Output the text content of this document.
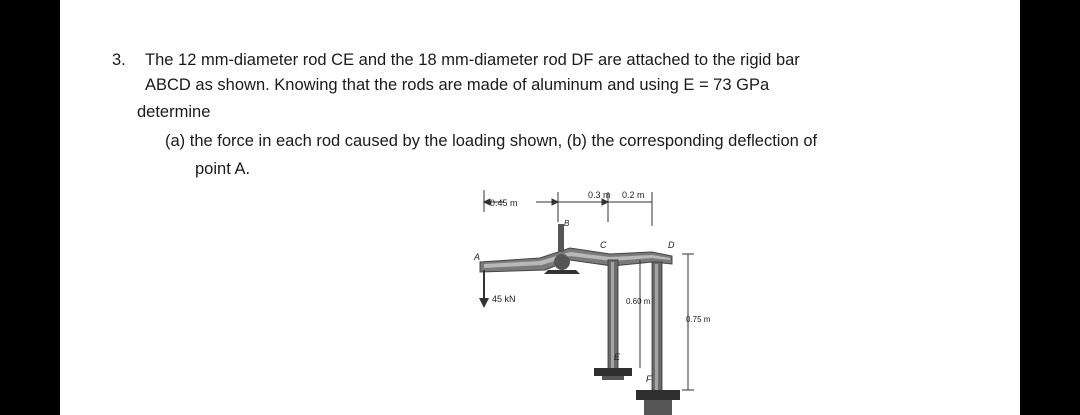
3. The 12 mm-diameter rod CE and the 18 mm-diameter rod DF are attached to the rigid bar
ABCD as shown. Knowing that the rods are made of aluminum and using E = 73 GPa
determine
(a) the force in each rod caused by the loading shown, (b) the corresponding deflection of
point A.
0.45 m
0.3 m 0.2 m
0.60 m
0.75 m
45 kN
A
B
C	D
E
F
